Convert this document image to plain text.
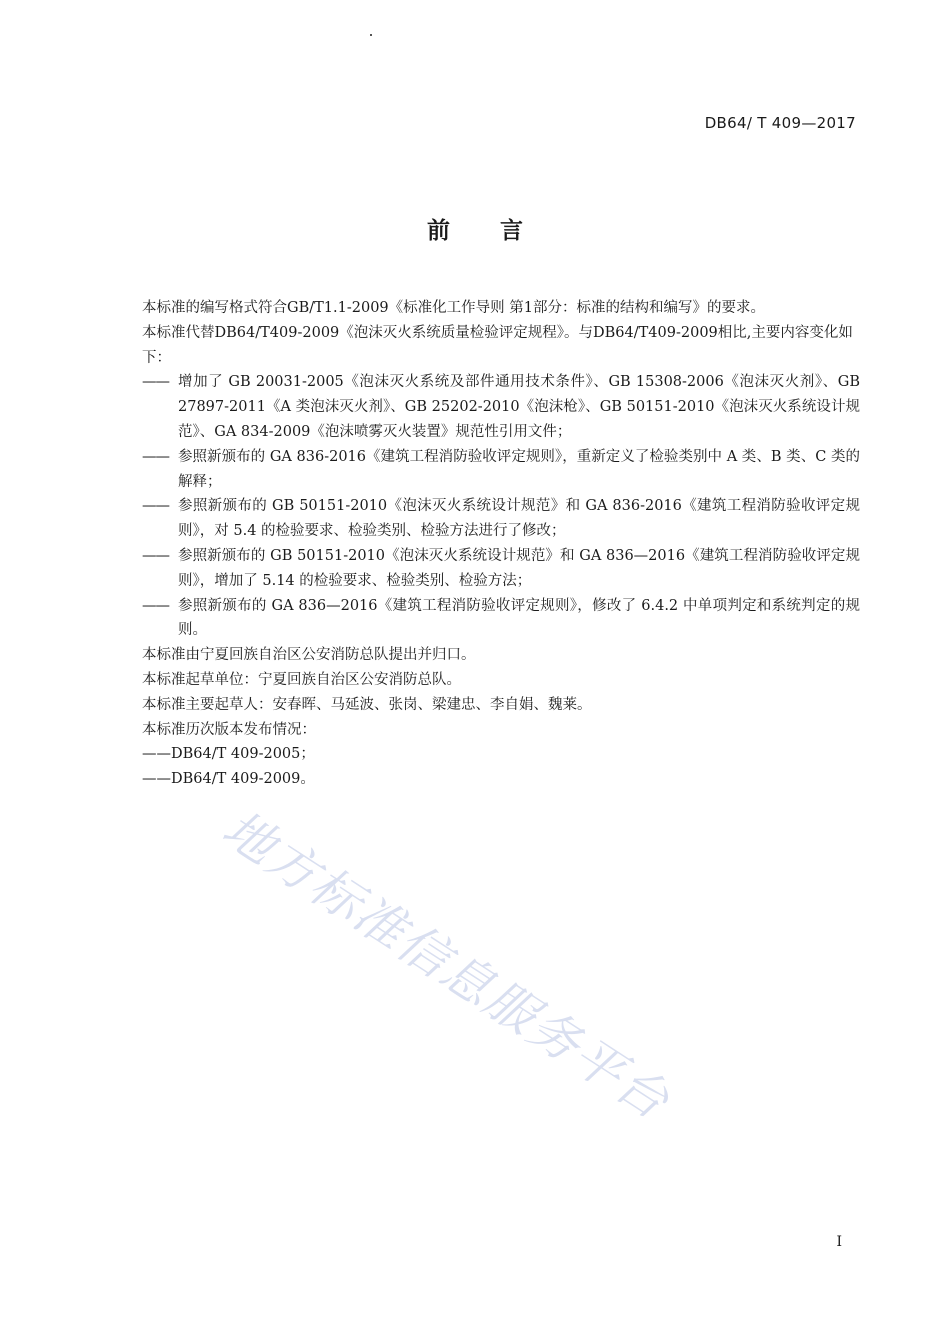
DB64/ T 409—2017
前言

本标准的编写格式符合GB/T1.1-2009《标准化工作导则 第1部分：标准的结构和编写》的要求。

本标准代替DB64/T409-2009《泡沫灭火系统质量检验评定规程》。与DB64/T409-2009相比,主要内容变化如下：

—— 增加了 GB 20031-2005《泡沫灭火系统及部件通用技术条件》、GB 15308-2006《泡沫灭火剂》、GB 27897-2011《A 类泡沫灭火剂》、GB 25202-2010《泡沫枪》、GB 50151-2010《泡沫灭火系统设计规范》、GA 834-2009《泡沫喷雾灭火装置》规范性引用文件；
—— 参照新颁布的 GA 836-2016《建筑工程消防验收评定规则》，重新定义了检验类别中 A 类、B 类、C 类的解释；
—— 参照新颁布的 GB 50151-2010《泡沫灭火系统设计规范》和 GA 836-2016《建筑工程消防验收评定规则》，对 5.4 的检验要求、检验类别、检验方法进行了修改；
—— 参照新颁布的 GB 50151-2010《泡沫灭火系统设计规范》和 GA 836—2016《建筑工程消防验收评定规则》，增加了 5.14 的检验要求、检验类别、检验方法；
—— 参照新颁布的 GA 836—2016《建筑工程消防验收评定规则》，修改了 6.4.2 中单项判定和系统判定的规则。

本标准由宁夏回族自治区公安消防总队提出并归口。

本标准起草单位：宁夏回族自治区公安消防总队。

本标准主要起草人：安春晖、马延波、张岗、梁建忠、李自娟、魏莱。

本标准历次版本发布情况：

——DB64/T 409-2005；

——DB64/T 409-2009。

地方标准信息服务平台
I
